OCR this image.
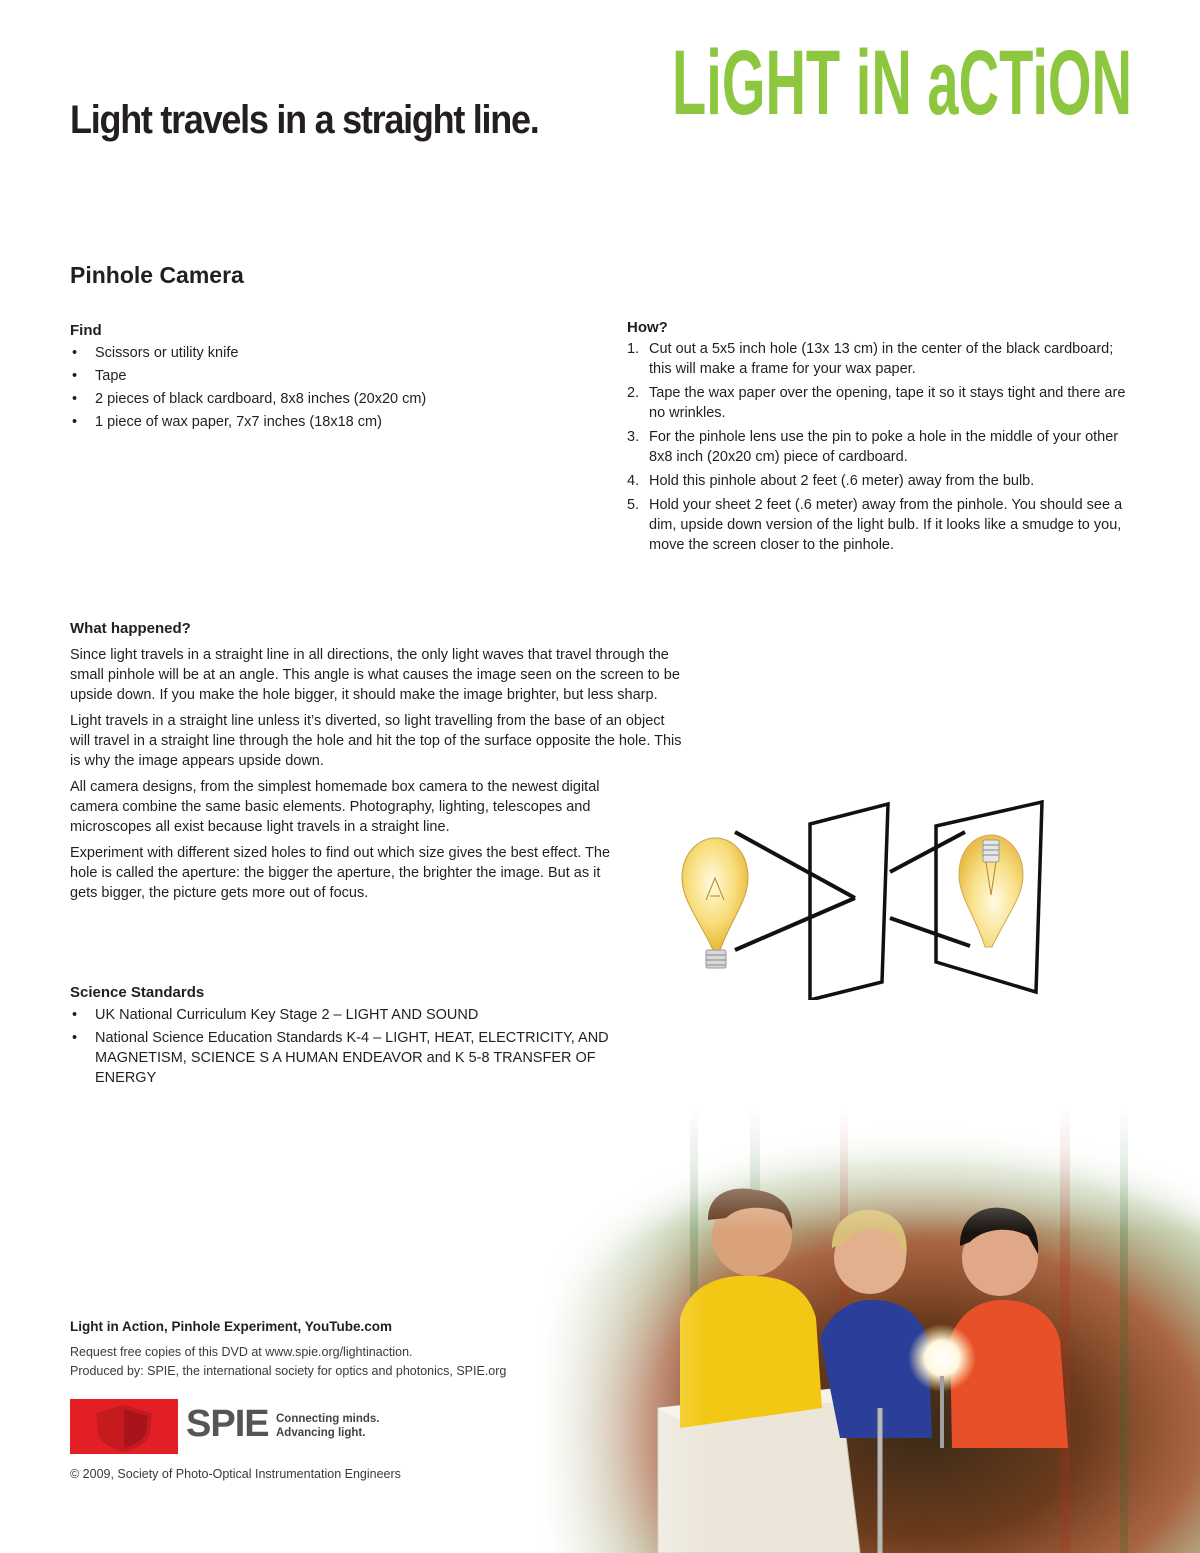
Light travels in a straight line. LiGHT iN aCTiON
Pinhole Camera
Find
• Scissors or utility knife
• Tape
• 2 pieces of black cardboard, 8x8 inches (20x20 cm)
• 1 piece of wax paper, 7x7 inches (18x18 cm)
How?
1. Cut out a 5x5 inch hole (13x 13 cm) in the center of the black cardboard; this will make a frame for your wax paper.
2. Tape the wax paper over the opening, tape it so it stays tight and there are no wrinkles.
3. For the pinhole lens use the pin to poke a hole in the middle of your other 8x8 inch (20x20 cm) piece of cardboard.
4. Hold this pinhole about 2 feet (.6 meter) away from the bulb.
5. Hold your sheet 2 feet (.6 meter) away from the pinhole. You should see a dim, upside down version of the light bulb. If it looks like a smudge to you, move the screen closer to the pinhole.
What happened?

Since light travels in a straight line in all directions, the only light waves that travel through the small pinhole will be at an angle. This angle is what causes the image seen on the screen to be upside down. If you make the hole bigger, it should make the image brighter, but less sharp.

Light travels in a straight line unless it’s diverted, so light travelling from the base of an object will travel in a straight line through the hole and hit the top of the surface opposite the hole. This is why the image appears upside down.

All camera designs, from the simplest homemade box camera to the newest digital camera combine the same basic elements. Photography, lighting, telescopes and microscopes all exist because light travels in a straight line.

Experiment with different sized holes to find out which size gives the best effect. The hole is called the aperture: the bigger the aperture, the brighter the image. But as it gets bigger, the picture gets more out of focus.

Science Standards
• UK National Curriculum Key Stage 2 – LIGHT AND SOUND
• National Science Education Standards K-4 – LIGHT, HEAT, ELECTRICITY, AND MAGNETISM, SCIENCE S A HUMAN ENDEAVOR and K 5-8 TRANSFER OF ENERGY
Light in Action, Pinhole Experiment, YouTube.com
Request free copies of this DVD at www.spie.org/lightinaction.
Produced by: SPIE, the international society for optics and photonics, SPIE.org
SPIE Connecting minds.
Advancing light.
© 2009, Society of Photo-Optical Instrumentation Engineers
